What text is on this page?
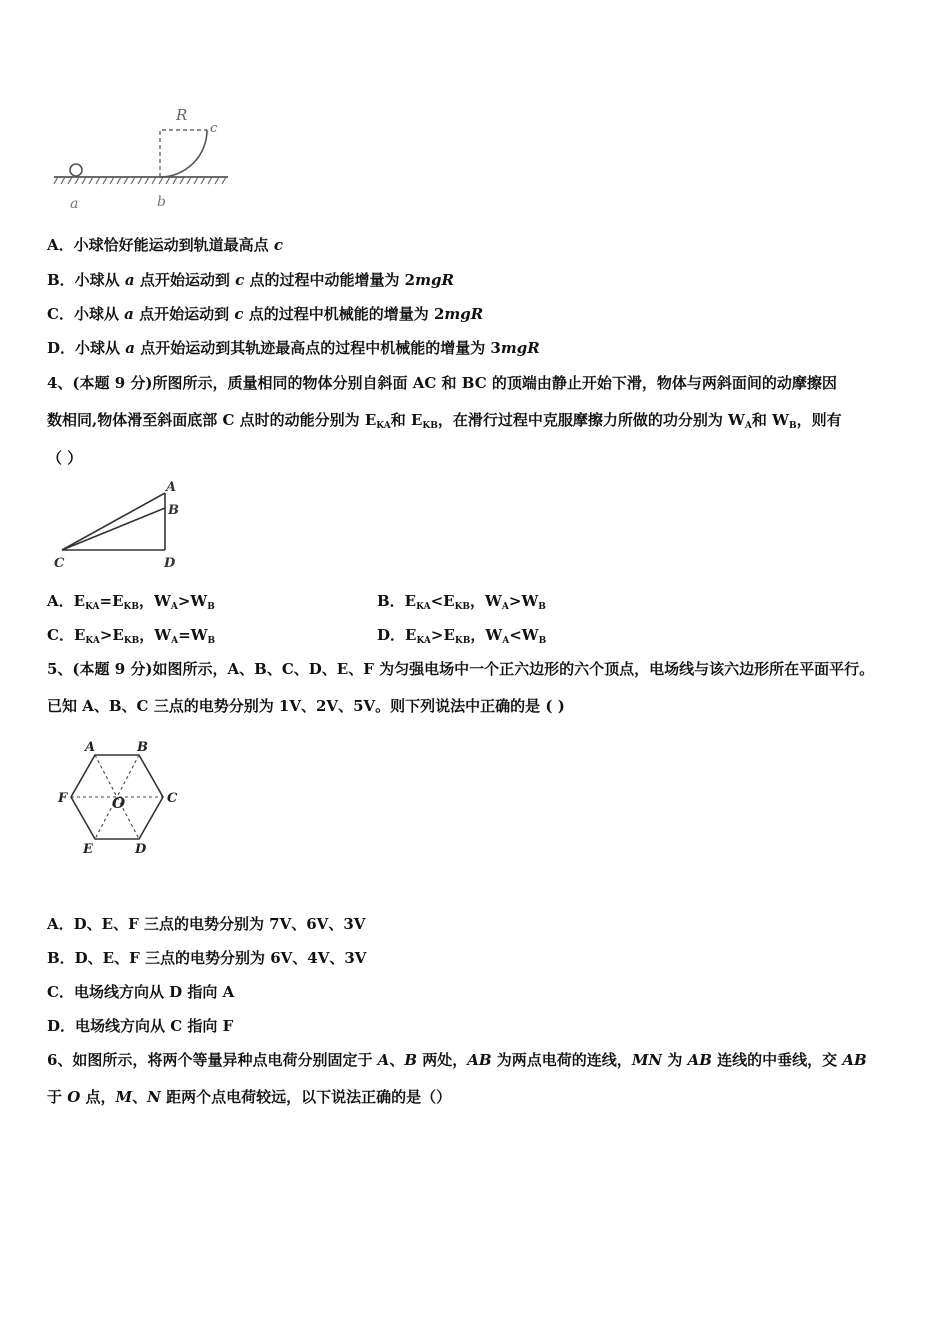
R
c
a	b
A．小球恰好能运动到轨道最高点 c
B．小球从 a 点开始运动到 c 点的过程中动能增量为 2mgR
C．小球从 a 点开始运动到 c 点的过程中机械能的增量为 2mgR
D．小球从 a 点开始运动到其轨迹最高点的过程中机械能的增量为 3mgR
4、(本题 9 分)所图所示，质量相同的物体分别自斜面 AC 和 BC 的顶端由静止开始下滑，物体与两斜面间的动摩擦因
数相同,物体滑至斜面底部 C 点时的动能分别为 $E_{KA}$和 $E_{KB}$，在滑行过程中克服摩擦力所做的功分别为 $W_A$和 $W_B$，则有
（ ）
A
B
C	D
A．$E_{KA}=E_{KB}$，$W_A>W_B$	B．$E_{KA}<E_{KB}$，$W_A>W_B$
C．$E_{KA}>E_{KB}$，$W_A=W_B$	D．$E_{KA}>E_{KB}$，$W_A<W_B$
5、(本题 9 分)如图所示，A、B、C、D、E、F 为匀强电场中一个正六边形的六个顶点，电场线与该六边形所在平面平行。
已知 A、B、C 三点的电势分别为 1V、2V、5V。则下列说法中正确的是 ( )
A	B
C
D
E
F	O
A．D、E、F 三点的电势分别为 7V、6V、3V
B．D、E、F 三点的电势分别为 6V、4V、3V
C．电场线方向从 D 指向 A
D．电场线方向从 C 指向 F
6、如图所示，将两个等量异种点电荷分别固定于 A、B 两处，AB 为两点电荷的连线，MN 为 AB 连线的中垂线，交 AB
于 O 点，M、N 距两个点电荷较远，以下说法正确的是（）
